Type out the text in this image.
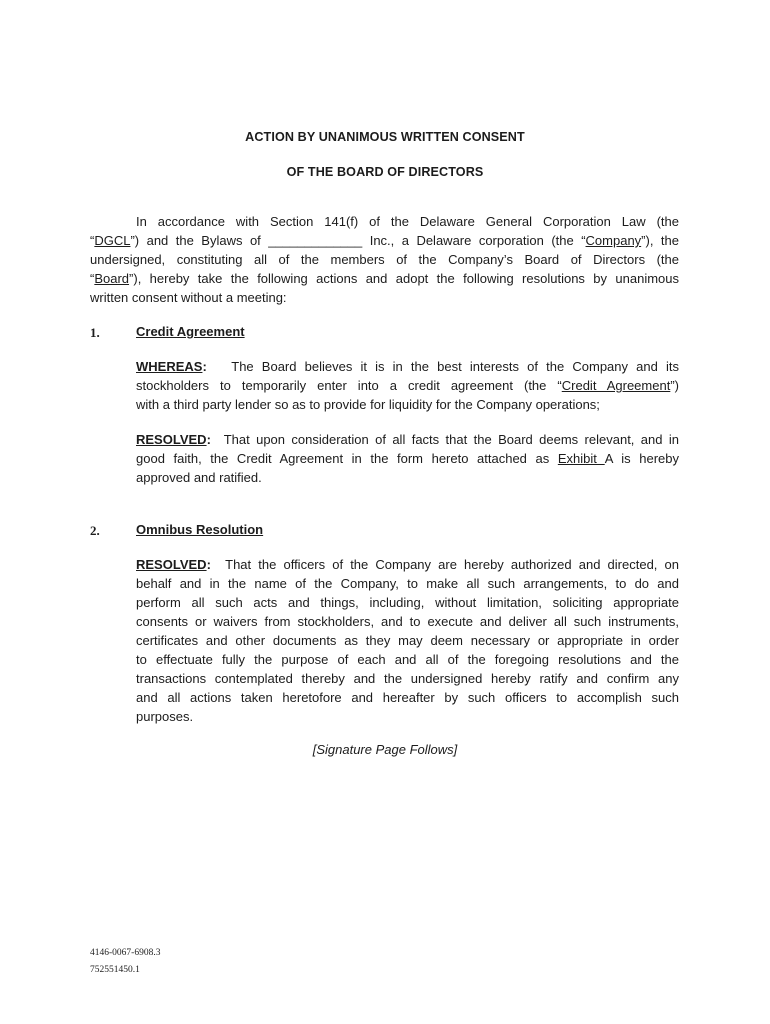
ACTION BY UNANIMOUS WRITTEN CONSENT
OF THE BOARD OF DIRECTORS
In accordance with Section 141(f) of the Delaware General Corporation Law (the
“DGCL”) and the Bylaws of _____________ Inc., a Delaware corporation (the “Company”), the
undersigned, constituting all of the members of the Company’s Board of Directors (the
“Board”), hereby take the following actions and adopt the following resolutions by unanimous
written consent without a meeting:
1.	Credit Agreement
WHEREAS: The Board believes it is in the best interests of the Company and its
stockholders to temporarily enter into a credit agreement (the “Credit Agreement”)
with a third party lender so as to provide for liquidity for the Company operations;
RESOLVED: That upon consideration of all facts that the Board deems relevant, and in
good faith, the Credit Agreement in the form hereto attached as Exhibit A is hereby
approved and ratified.
2.	Omnibus Resolution
RESOLVED: That the officers of the Company are hereby authorized and directed, on
behalf and in the name of the Company, to make all such arrangements, to do and
perform all such acts and things, including, without limitation, soliciting appropriate
consents or waivers from stockholders, and to execute and deliver all such instruments,
certificates and other documents as they may deem necessary or appropriate in order
to effectuate fully the purpose of each and all of the foregoing resolutions and the
transactions contemplated thereby and the undersigned hereby ratify and confirm any
and all actions taken heretofore and hereafter by such officers to accomplish such
purposes.
[Signature Page Follows]
4146-0067-6908.3
752551450.1
